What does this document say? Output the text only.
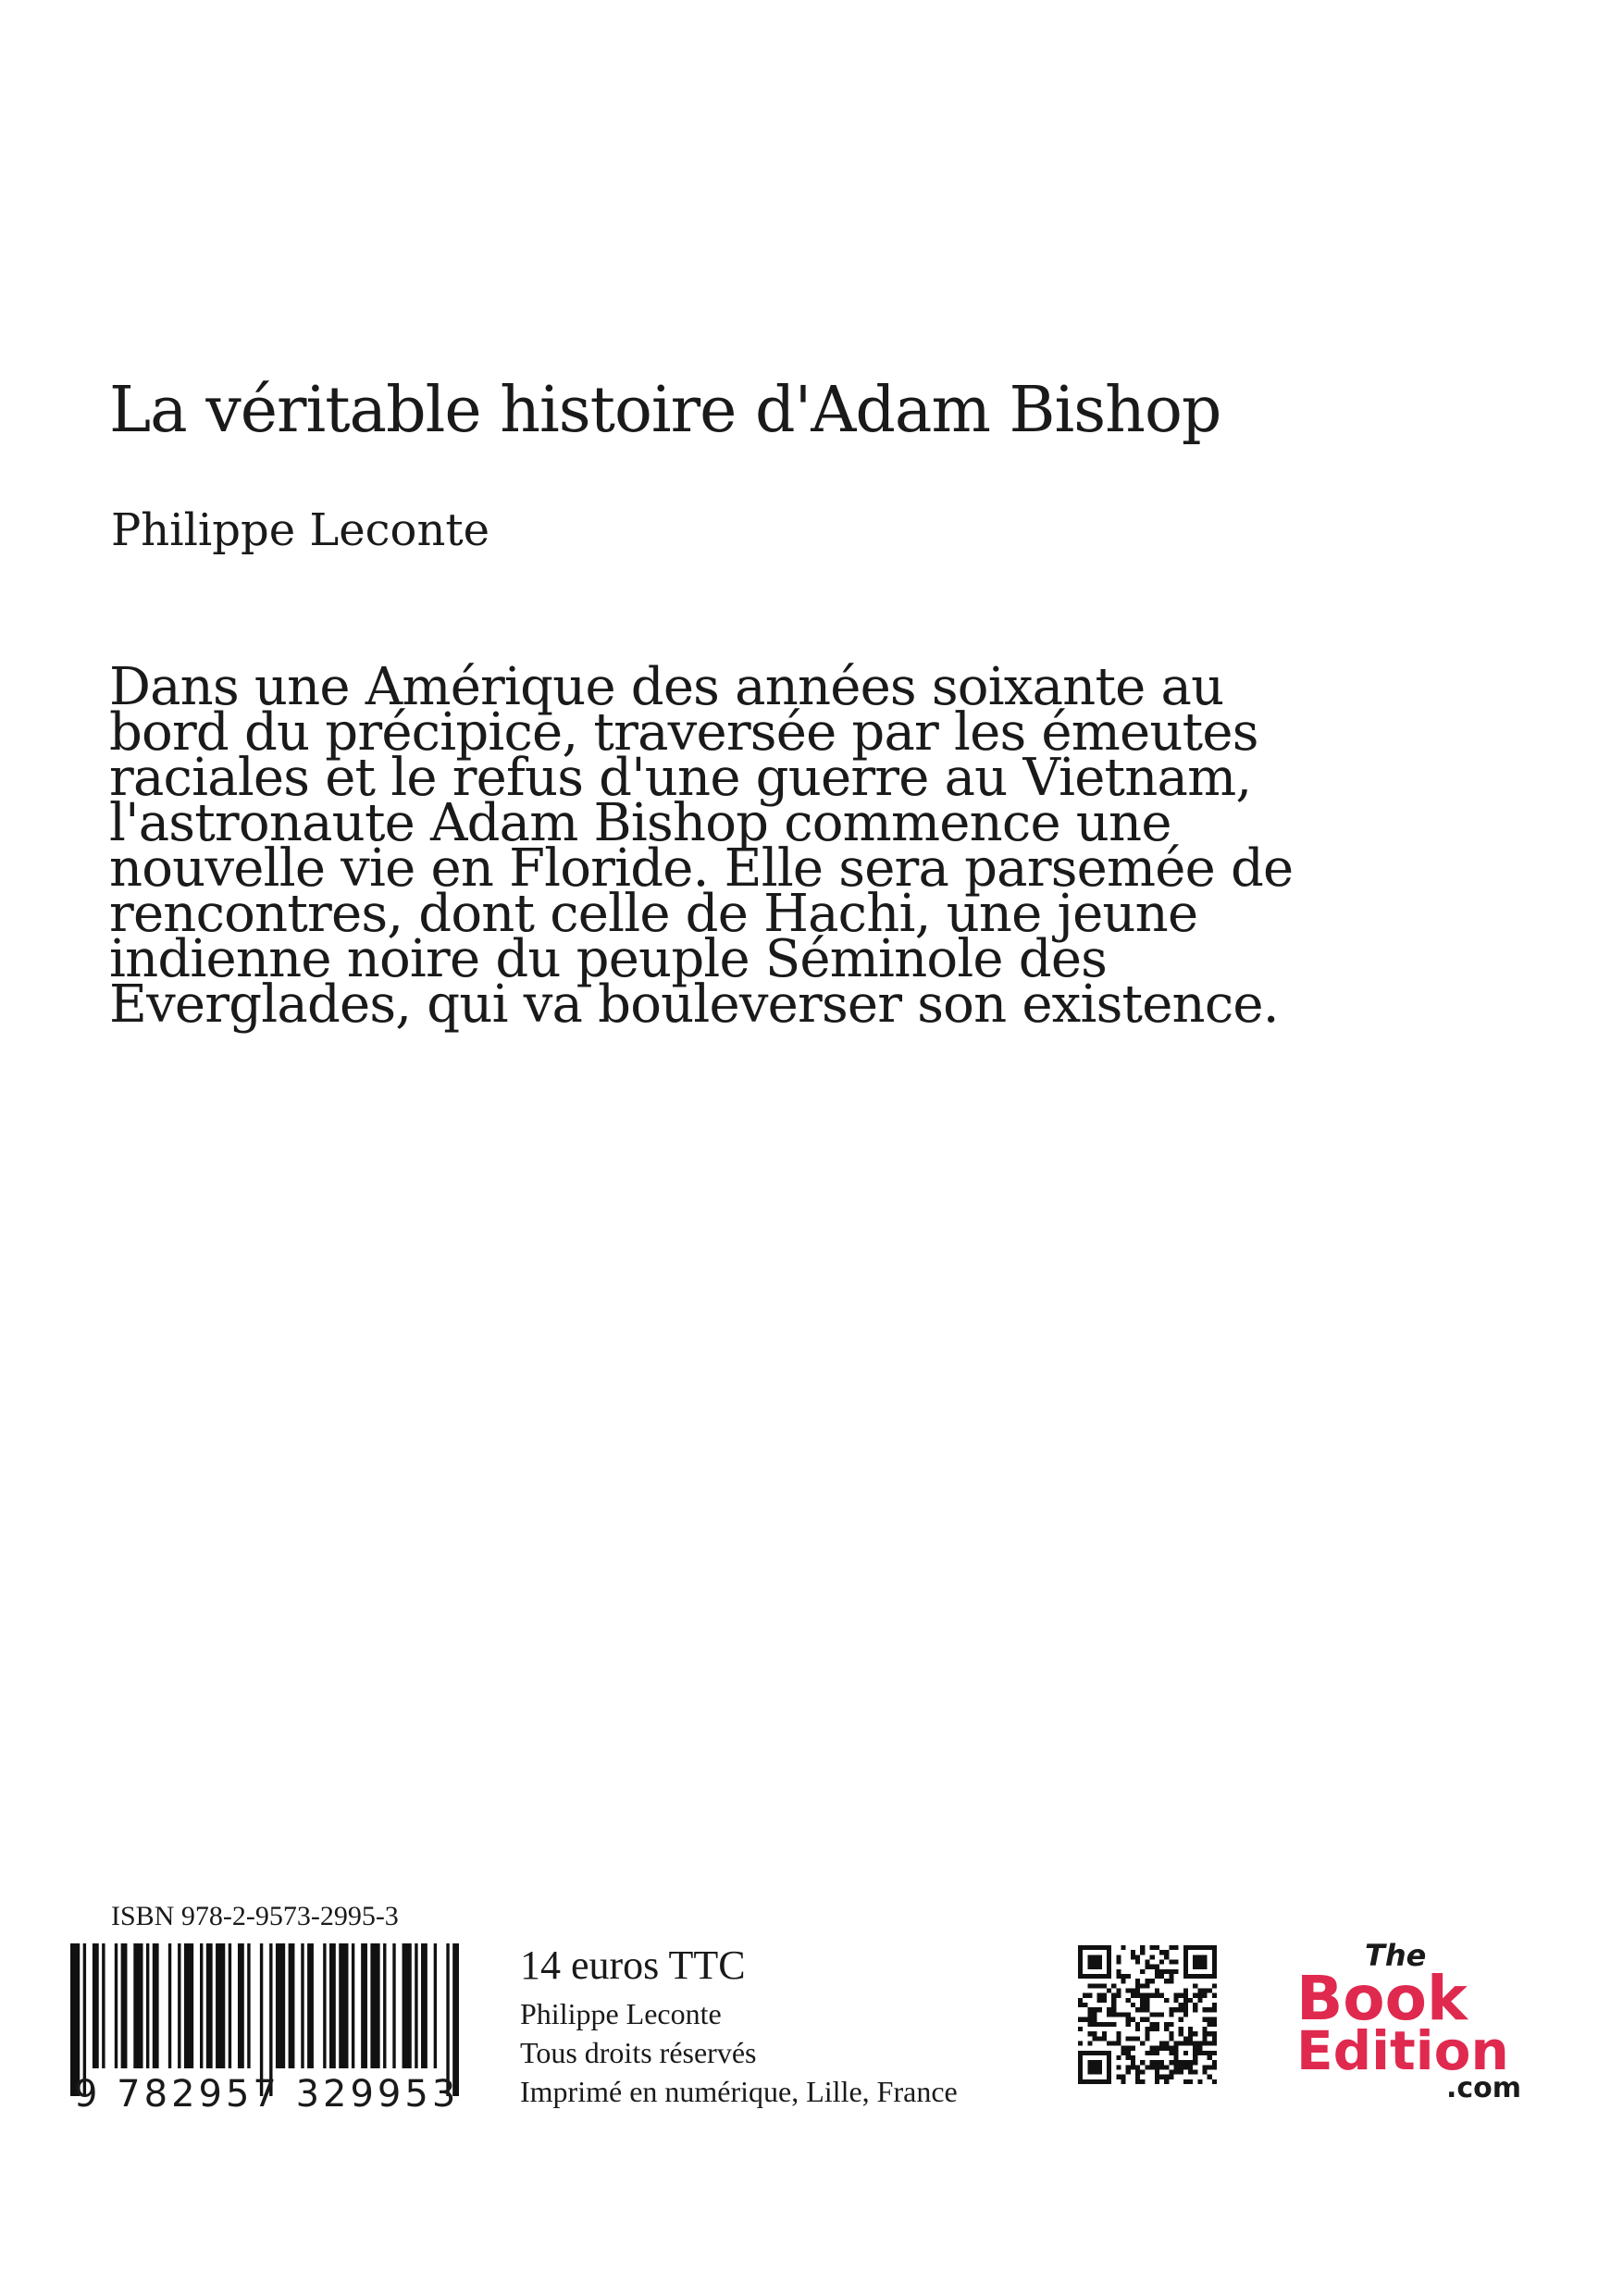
La véritable histoire d'Adam Bishop
Philippe Leconte
Dans une Amérique des années soixante au
bord du précipice, traversée par les émeutes
raciales et le refus d'une guerre au Vietnam,
l'astronaute Adam Bishop commence une
nouvelle vie en Floride. Elle sera parsemée de
rencontres, dont celle de Hachi, une jeune
indienne noire du peuple Séminole des
Everglades, qui va bouleverser son existence.
ISBN 978-2-9573-2995-3
9 782957 329953
14 euros TTC
Philippe Leconte
Tous droits réservés
Imprimé en numérique, Lille, France
The
Book
Edition
.com
